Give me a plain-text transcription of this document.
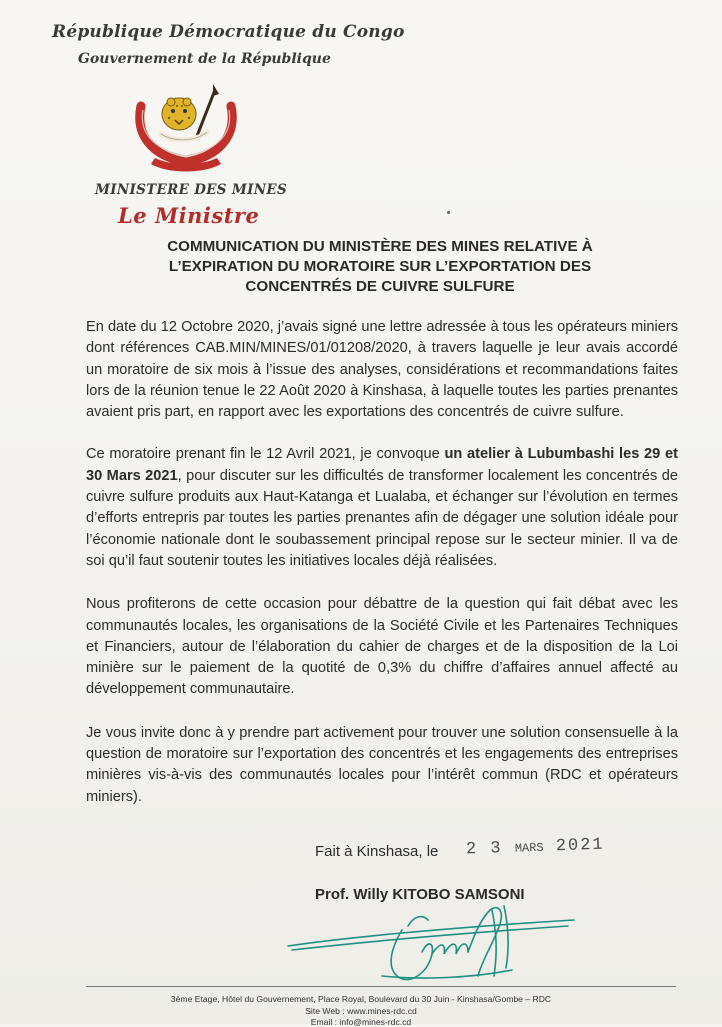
République Démocratique du Congo
Gouvernement de la République
MINISTERE DES MINES
Le Ministre
COMMUNICATION DU MINISTÈRE DES MINES RELATIVE À
L’EXPIRATION DU MORATOIRE SUR L’EXPORTATION DES
CONCENTRÉS DE CUIVRE SULFURE

En date du 12 Octobre 2020, j’avais signé une lettre adressée à tous les opérateurs miniers dont références CAB.MIN/MINES/01/01208/2020, à travers laquelle je leur avais accordé un moratoire de six mois à l’issue des analyses, considérations et recommandations faites lors de la réunion tenue le 22 Août 2020 à Kinshasa, à laquelle toutes les parties prenantes avaient pris part, en rapport avec les exportations des concentrés de cuivre sulfure.

Ce moratoire prenant fin le 12 Avril 2021, je convoque un atelier à Lubumbashi les 29 et 30 Mars 2021, pour discuter sur les difficultés de transformer localement les concentrés de cuivre sulfure produits aux Haut-Katanga et Lualaba, et échanger sur l’évolution en termes d’efforts entrepris par toutes les parties prenantes afin de dégager une solution idéale pour l’économie nationale dont le soubassement principal repose sur le secteur minier. Il va de soi qu’il faut soutenir toutes les initiatives locales déjà réalisées.

Nous profiterons de cette occasion pour débattre de la question qui fait débat avec les communautés locales, les organisations de la Société Civile et les Partenaires Techniques et Financiers, autour de l’élaboration du cahier de charges et de la disposition de la Loi minière sur le paiement de la quotité de 0,3% du chiffre d’affaires annuel affecté au développement communautaire.

Je vous invite donc à y prendre part activement pour trouver une solution consensuelle à la question de moratoire sur l’exportation des concentrés et les engagements des entreprises minières vis-à-vis des communautés locales pour l’intérêt commun (RDC et opérateurs miniers).

Fait à Kinshasa, le 2 3 MARS 2021
Prof. Willy KITOBO SAMSONI
3ème Etage, Hôtel du Gouvernement, Place Royal, Boulevard du 30 Juin - Kinshasa/Gombe – RDC
Site Web : www.mines-rdc.cd
Email : info@mines-rdc.cd
